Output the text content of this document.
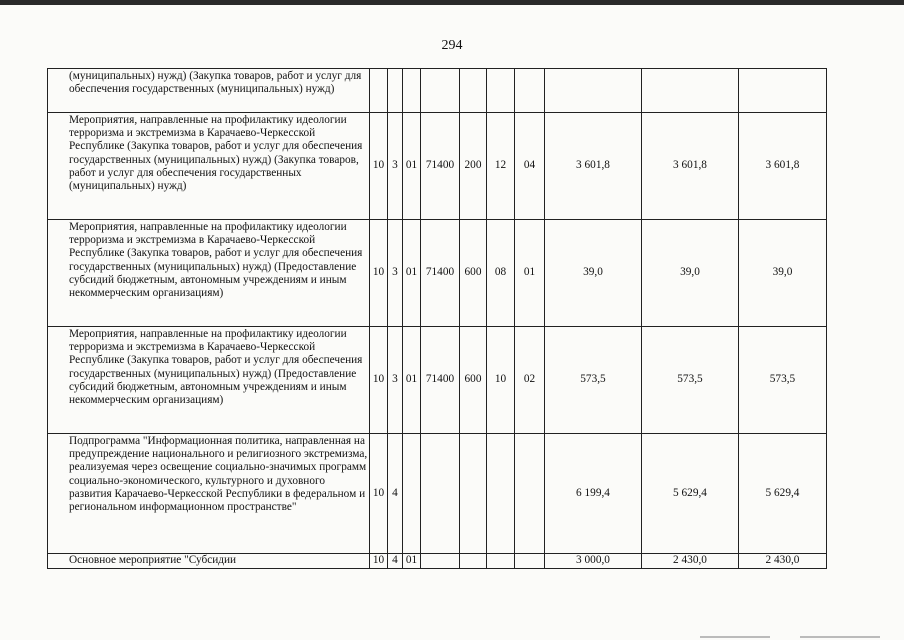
294
(муниципальных) нужд) (Закупка товаров, работ и услуг для обеспечения государственных (муниципальных) нужд)										
Мероприятия, направленные на профилактику идеологии терроризма и экстремизма в Карачаево-Черкесской Республике (Закупка товаров, работ и услуг для обеспечения государственных (муниципальных) нужд) (Закупка товаров, работ и услуг для обеспечения государственных (муниципальных) нужд)	10	3	01	71400	200	12	04	3 601,8	3 601,8	3 601,8
Мероприятия, направленные на профилактику идеологии терроризма и экстремизма в Карачаево-Черкесской Республике (Закупка товаров, работ и услуг для обеспечения государственных (муниципальных) нужд) (Предоставление субсидий бюджетным, автономным учреждениям и иным некоммерческим организациям)	10	3	01	71400	600	08	01	39,0	39,0	39,0
Мероприятия, направленные на профилактику идеологии терроризма и экстремизма в Карачаево-Черкесской Республике (Закупка товаров, работ и услуг для обеспечения государственных (муниципальных) нужд) (Предоставление субсидий бюджетным, автономным учреждениям и иным некоммерческим организациям)	10	3	01	71400	600	10	02	573,5	573,5	573,5
Подпрограмма "Информационная политика, направленная на предупреждение национального и религиозного экстремизма, реализуемая через освещение социально-значимых программ социально-экономического, культурного и духовного развития Карачаево-Черкесской Республики в федеральном и региональном информационном пространстве"	10	4						6 199,4	5 629,4	5 629,4
Основное мероприятие "Субсидии	10	4	01					3 000,0	2 430,0	2 430,0
